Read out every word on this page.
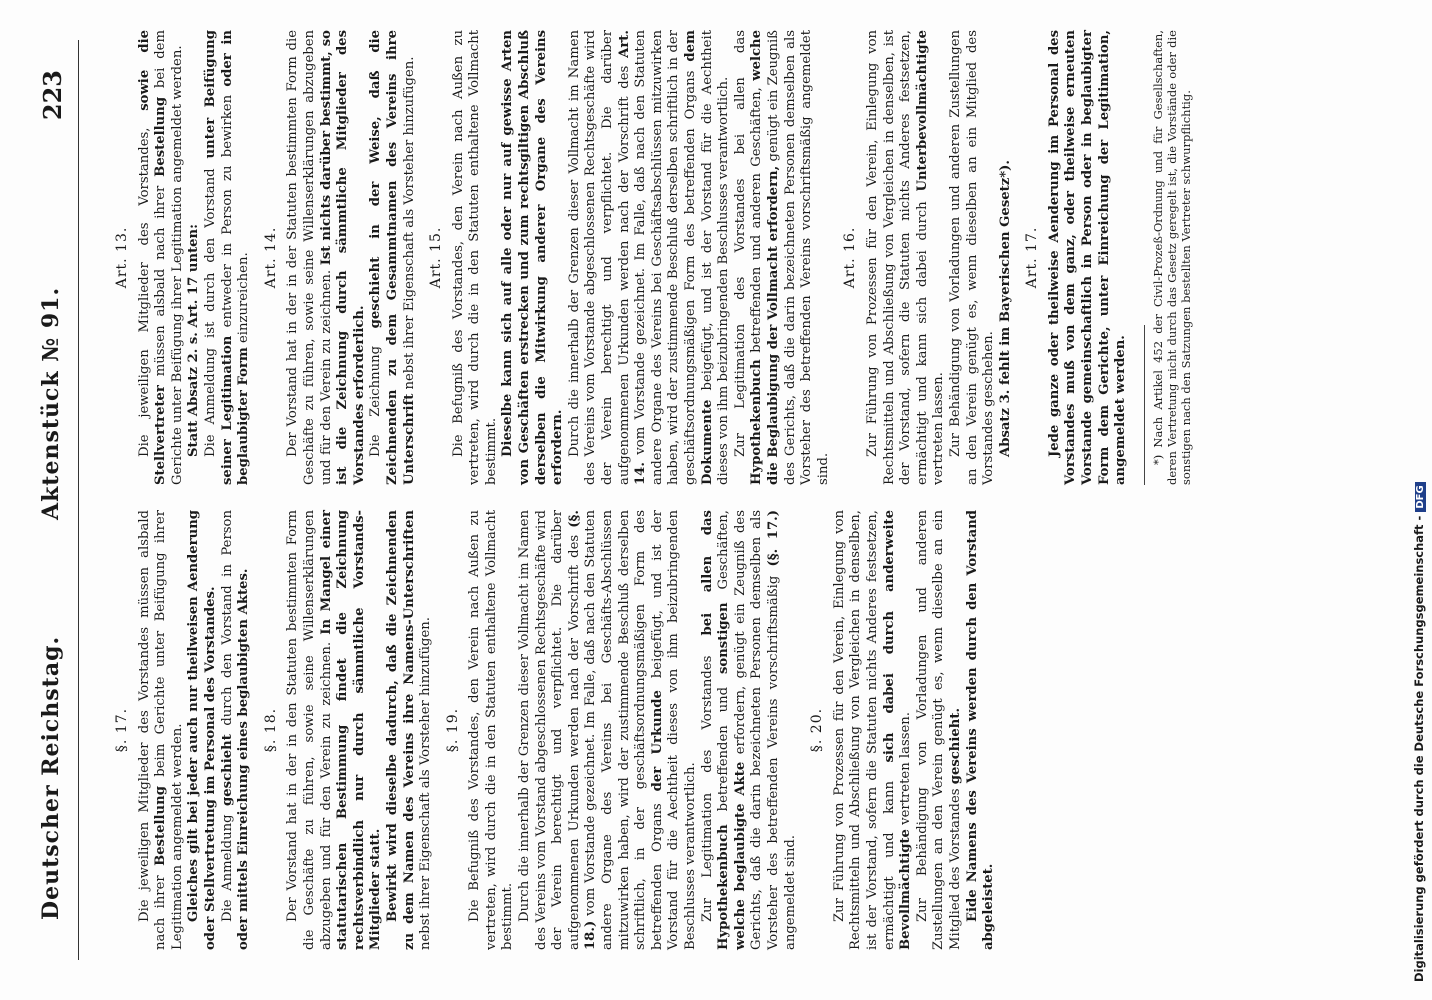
Deutscher Reichstag.
Aktenstück № 91.
223
§. 17. Die jeweiligen Mitglieder des Vorstandes müssen alsbald nach ihrer Bestellung beim Gerichte unter Beifügung ihrer Legitimation angemeldet werden. Gleiches gilt bei jeder auch nur theilweisen Aenderung oder Stellvertretung im Personal des Vorstandes. Die Anmeldung geschieht durch den Vorstand in Person oder mittels Einreichung eines beglaubigten Aktes. §. 18. Der Vorstand hat in der in den Statuten bestimmten Form die Geschäfte zu führen, sowie seine Willenserklärungen abzugeben und für den Verein zu zeichnen. In Mangel einer statutarischen Bestimmung findet die Zeichnung rechtsverbindlich nur durch sämmtliche Vorstands-Mitglieder statt. Bewirkt wird dieselbe dadurch, daß die Zeichnenden zu dem Namen des Vereins ihre Namens-Unterschriften nebst ihrer Eigenschaft als Vorsteher hinzufügen. §. 19. Die Befugniß des Vorstandes, den Verein nach Außen zu vertreten, wird durch die in den Statuten enthaltene Vollmacht bestimmt. Durch die innerhalb der Grenzen dieser Vollmacht im Namen des Vereins vom Vorstand abgeschlossenen Rechtsgeschäfte wird der Verein berechtigt und verpflichtet. Die darüber aufgenommenen Urkunden werden nach der Vorschrift des (§. 18.) vom Vorstande gezeichnet. Im Falle, daß nach den Statuten andere Organe des Vereins bei Geschäfts-Abschlüssen mitzuwirken haben, wird der zustimmende Beschluß derselben schriftlich, in der geschäftsordnungsmäßigen Form des betreffenden Organs der Urkunde beigefügt, und ist der Vorstand für die Aechtheit dieses von ihm beizubringenden Beschlusses verantwortlich. Zur Legitimation des Vorstandes bei allen das Hypothekenbuch betreffenden und sonstigen Geschäften, welche beglaubigte Akte erfordern, genügt ein Zeugniß des Gerichts, daß die darin bezeichneten Personen demselben als Vorsteher des betreffenden Vereins vorschriftsmäßig (§. 17.) angemeldet sind.

§. 20. Zur Führung von Prozessen für den Verein, Einlegung von Rechtsmitteln und Abschließung von Vergleichen in denselben, ist der Vorstand, sofern die Statuten nichts Anderes festsetzen, ermächtigt und kann sich dabei durch anderweite Bevollmächtigte vertreten lassen. Zur Behändigung von Vorladungen und anderen Zustellungen an den Verein genügt es, wenn dieselbe an ein Mitglied des Vorstandes geschieht. Eide Namens des Vereins werden durch den Vorstand abgeleistet.

Art. 13. Die jeweiligen Mitglieder des Vorstandes, sowie die Stellvertreter müssen alsbald nach ihrer Bestellung bei dem Gerichte unter Beifügung ihrer Legitimation angemeldet werden. Statt Absatz 2. s. Art. 17 unten: Die Anmeldung ist durch den Vorstand unter Beifügung seiner Legitimation entweder in Person zu bewirken oder in beglaubigter Form einzureichen. Art. 14. Der Vorstand hat in der in der Statuten bestimmten Form die Geschäfte zu führen, sowie seine Willenserklärungen abzugeben und für den Verein zu zeichnen. Ist nichts darüber bestimmt, so ist die Zeichnung durch sämmtliche Mitglieder des Vorstandes erforderlich. Die Zeichnung geschieht in der Weise, daß die Zeichnenden zu dem Gesammtnamen des Vereins ihre Unterschrift nebst ihrer Eigenschaft als Vorsteher hinzufügen. Art. 15. Die Befugniß des Vorstandes, den Verein nach Außen zu vertreten, wird durch die in den Statuten enthaltene Vollmacht bestimmt. Dieselbe kann sich auf alle oder nur auf gewisse Arten von Geschäften erstrecken und zum rechtsgiltigen Abschluß derselben die Mitwirkung anderer Organe des Vereins erfordern. Durch die innerhalb der Grenzen dieser Vollmacht im Namen des Vereins vom Vorstande abgeschlossenen Rechtsgeschäfte wird der Verein berechtigt und verpflichtet. Die darüber aufgenommenen Urkunden werden nach der Vorschrift des Art. 14. vom Vorstande gezeichnet. Im Falle, daß nach den Statuten andere Organe des Vereins bei Geschäftsabschlüssen mitzuwirken haben, wird der zustimmende Beschluß derselben schriftlich in der geschäftsordnungsmäßigen Form des betreffenden Organs dem Dokumente beigefügt, und ist der Vorstand für die Aechtheit dieses von ihm beizubringenden Beschlusses verantwortlich. Zur Legitimation des Vorstandes bei allen das Hypothekenbuch betreffenden und anderen Geschäften, welche die Beglaubigung der Vollmacht erfordern, genügt ein Zeugniß des Gerichts, daß die darin bezeichneten Personen demselben als Vorsteher des betreffenden Vereins vorschriftsmäßig angemeldet sind.

Art. 16. Zur Führung von Prozessen für den Verein, Einlegung von Rechtsmitteln und Abschließung von Vergleichen in denselben, ist der Vorstand, sofern die Statuten nichts Anderes festsetzen, ermächtigt und kann sich dabei durch Unterbevollmächtigte vertreten lassen. Zur Behändigung von Vorladungen und anderen Zustellungen an den Verein genügt es, wenn dieselben an ein Mitglied des Vorstandes geschehen. Absatz 3. fehlt im Bayerischen Gesetz*). Art. 17. Jede ganze oder theilweise Aenderung im Personal des Vorstandes muß von dem ganz, oder theilweise erneuten Vorstande gemeinschaftlich in Person oder in beglaubigter Form dem Gerichte, unter Einreichung der Legitimation, angemeldet werden. *) Nach Artikel 452 der Civil-Prozeß-Ordnung und für Gesellschaften, deren Vertretung nicht durch das Gesetz geregelt ist, die Vorstände oder die sonstigen nach den Satzungen bestellten Vertreter schwurpflichtig.
Digitalisierung gefördert durch die Deutsche Forschungsgemeinschaft -DFG
